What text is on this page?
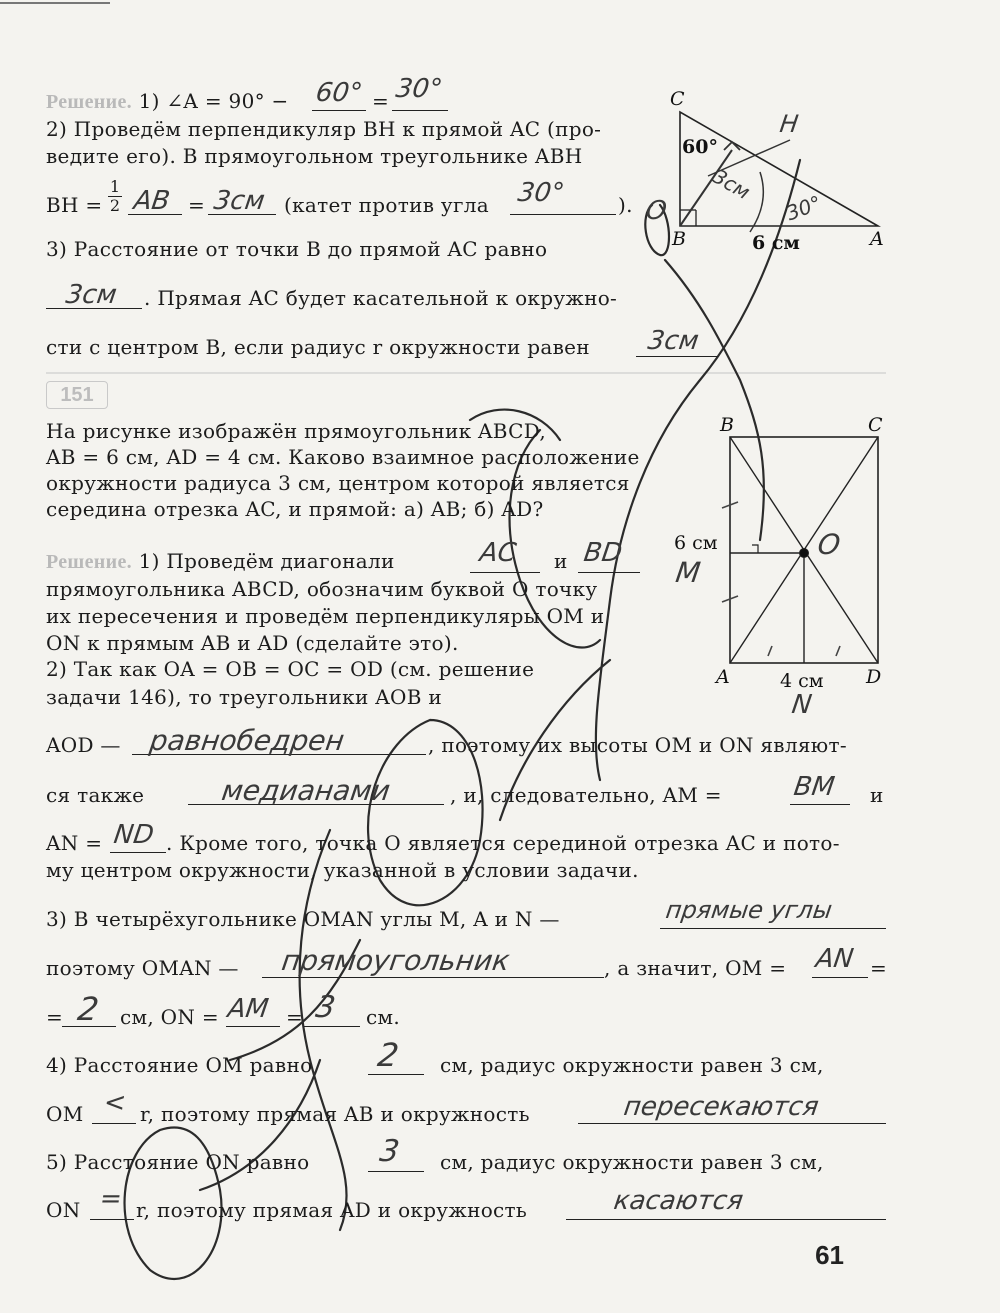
Решение. 1) ∠A = 90° − 60° = 30°
2) Проведём перпендикуляр BH к прямой AC (про-
ведите его). В прямоугольном треугольнике ABH
BH = $\frac{1}{2}$ AB = 3см (катет против угла 30°	).
3) Расстояние от точки B до прямой AC равно
3см . Прямая AC будет касательной к окружно-
сти с центром B, если радиус r окружности равен 3см
C
B	A
60°
6 см
H
3см
30°
O
151
На рисунке изображён прямоугольник ABCD,
AB = 6 см, AD = 4 см. Каково взаимное расположение
окружности радиуса 3 см, центром которой является
середина отрезка AC, и прямой: а) AB; б) AD?
Решение. 1) Проведём диагонали	AC и BD
прямоугольника ABCD, обозначим буквой O точку
их пересечения и проведём перпендикуляры OM и
ON к прямым AB и AD (сделайте это).
2) Так как OA = OB = OC = OD (см. решение
задачи 146), то треугольники AOB и
AOD — равнобедрен	, поэтому их высоты OM и ON являют-
ся также	медианами	, и, следовательно, AM =	BM и
AN = ND . Кроме того, точка O является серединой отрезка AC и пото-
му центром окружности, указанной в условии задачи.
3) В четырёхугольнике OMAN углы M, A и N —	прямые углы
поэтому OMAN — прямоугольник	, а значит, OM = AN =
= 2 см, ON = AM = 3 см.
4) Расстояние OM равно 2 см, радиус окружности равен 3 см,
OM < r, поэтому прямая AB и окружность	пересекаются
5) Расстояние ON равно 3 см, радиус окружности равен 3 см,
ON = r, поэтому прямая AD и окружность	касаются
B	C
A	D
6 см
4 см
O
M
N
61
